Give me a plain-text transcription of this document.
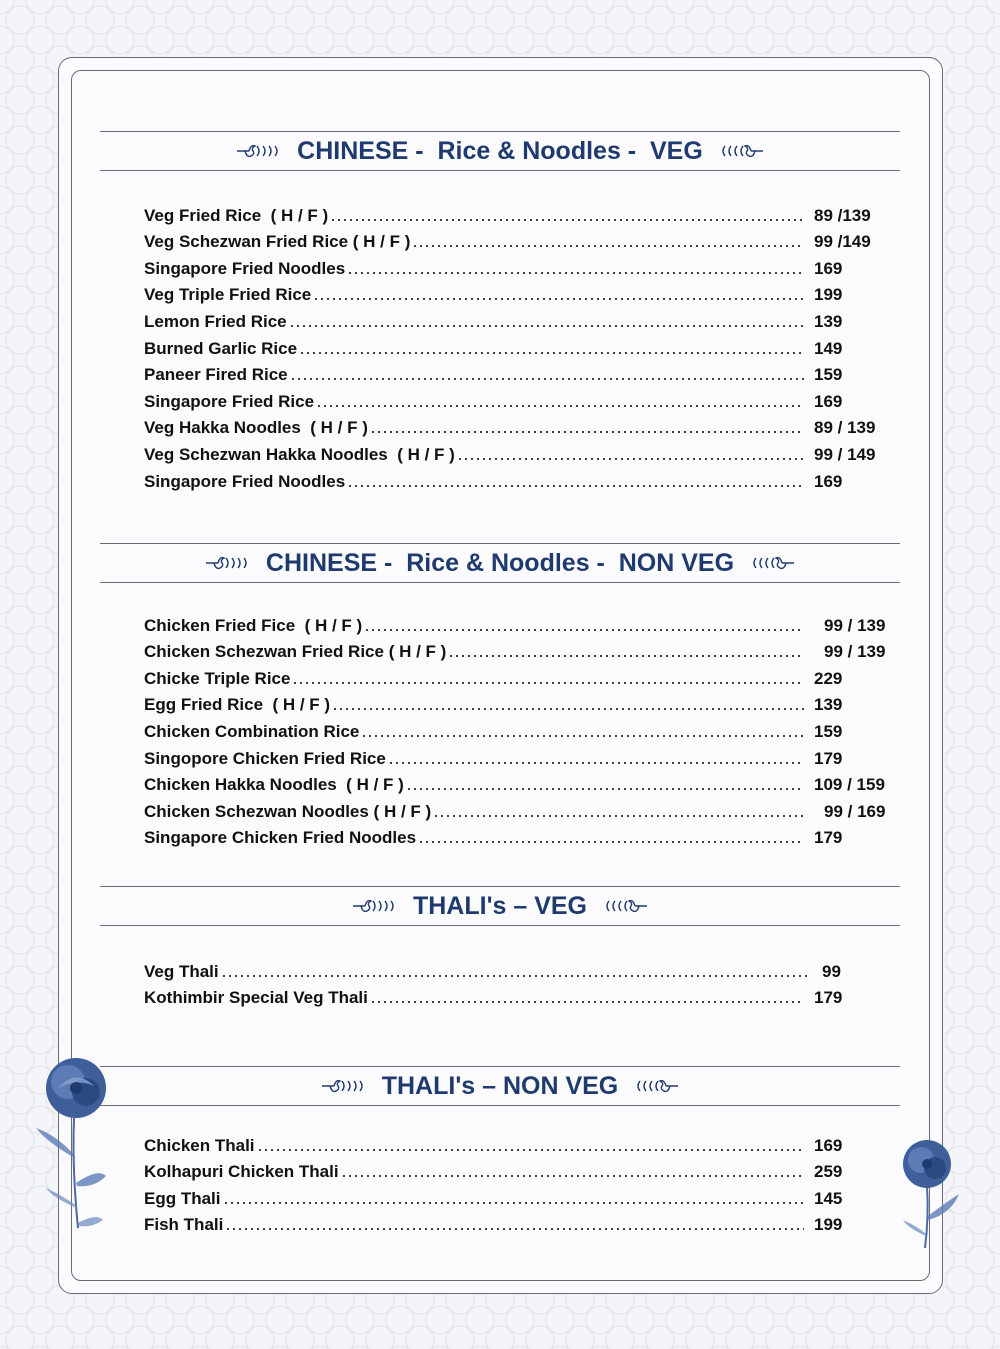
CHINESE -  Rice & Noodles -  VEG
Veg Fried Rice  ( H / F )	89 /139
Veg Schezwan Fried Rice ( H / F )	99 /149
Singapore Fried Noodles	169
Veg Triple Fried Rice	199
Lemon Fried Rice	139
Burned Garlic Rice	149
Paneer Fired Rice	159
Singapore Fried Rice	169
Veg Hakka Noodles  ( H / F )	89 / 139
Veg Schezwan Hakka Noodles  ( H / F )	99 / 149
Singapore Fried Noodles	169
CHINESE -  Rice & Noodles -  NON VEG
Chicken Fried Fice  ( H / F )	99 / 139
Chicken Schezwan Fried Rice ( H / F )	99 / 139
Chicke Triple Rice	229
Egg Fried Rice  ( H / F )	139
Chicken Combination Rice	159
Singopore Chicken Fried Rice	179
Chicken Hakka Noodles  ( H / F )	109 / 159
Chicken Schezwan Noodles ( H / F )	99 / 169
Singapore Chicken Fried Noodles	179
THALI's – VEG
Veg Thali	99
Kothimbir Special Veg Thali	179
THALI's – NON VEG
Chicken Thali	169
Kolhapuri Chicken Thali	259
Egg Thali	145
Fish Thali	199
